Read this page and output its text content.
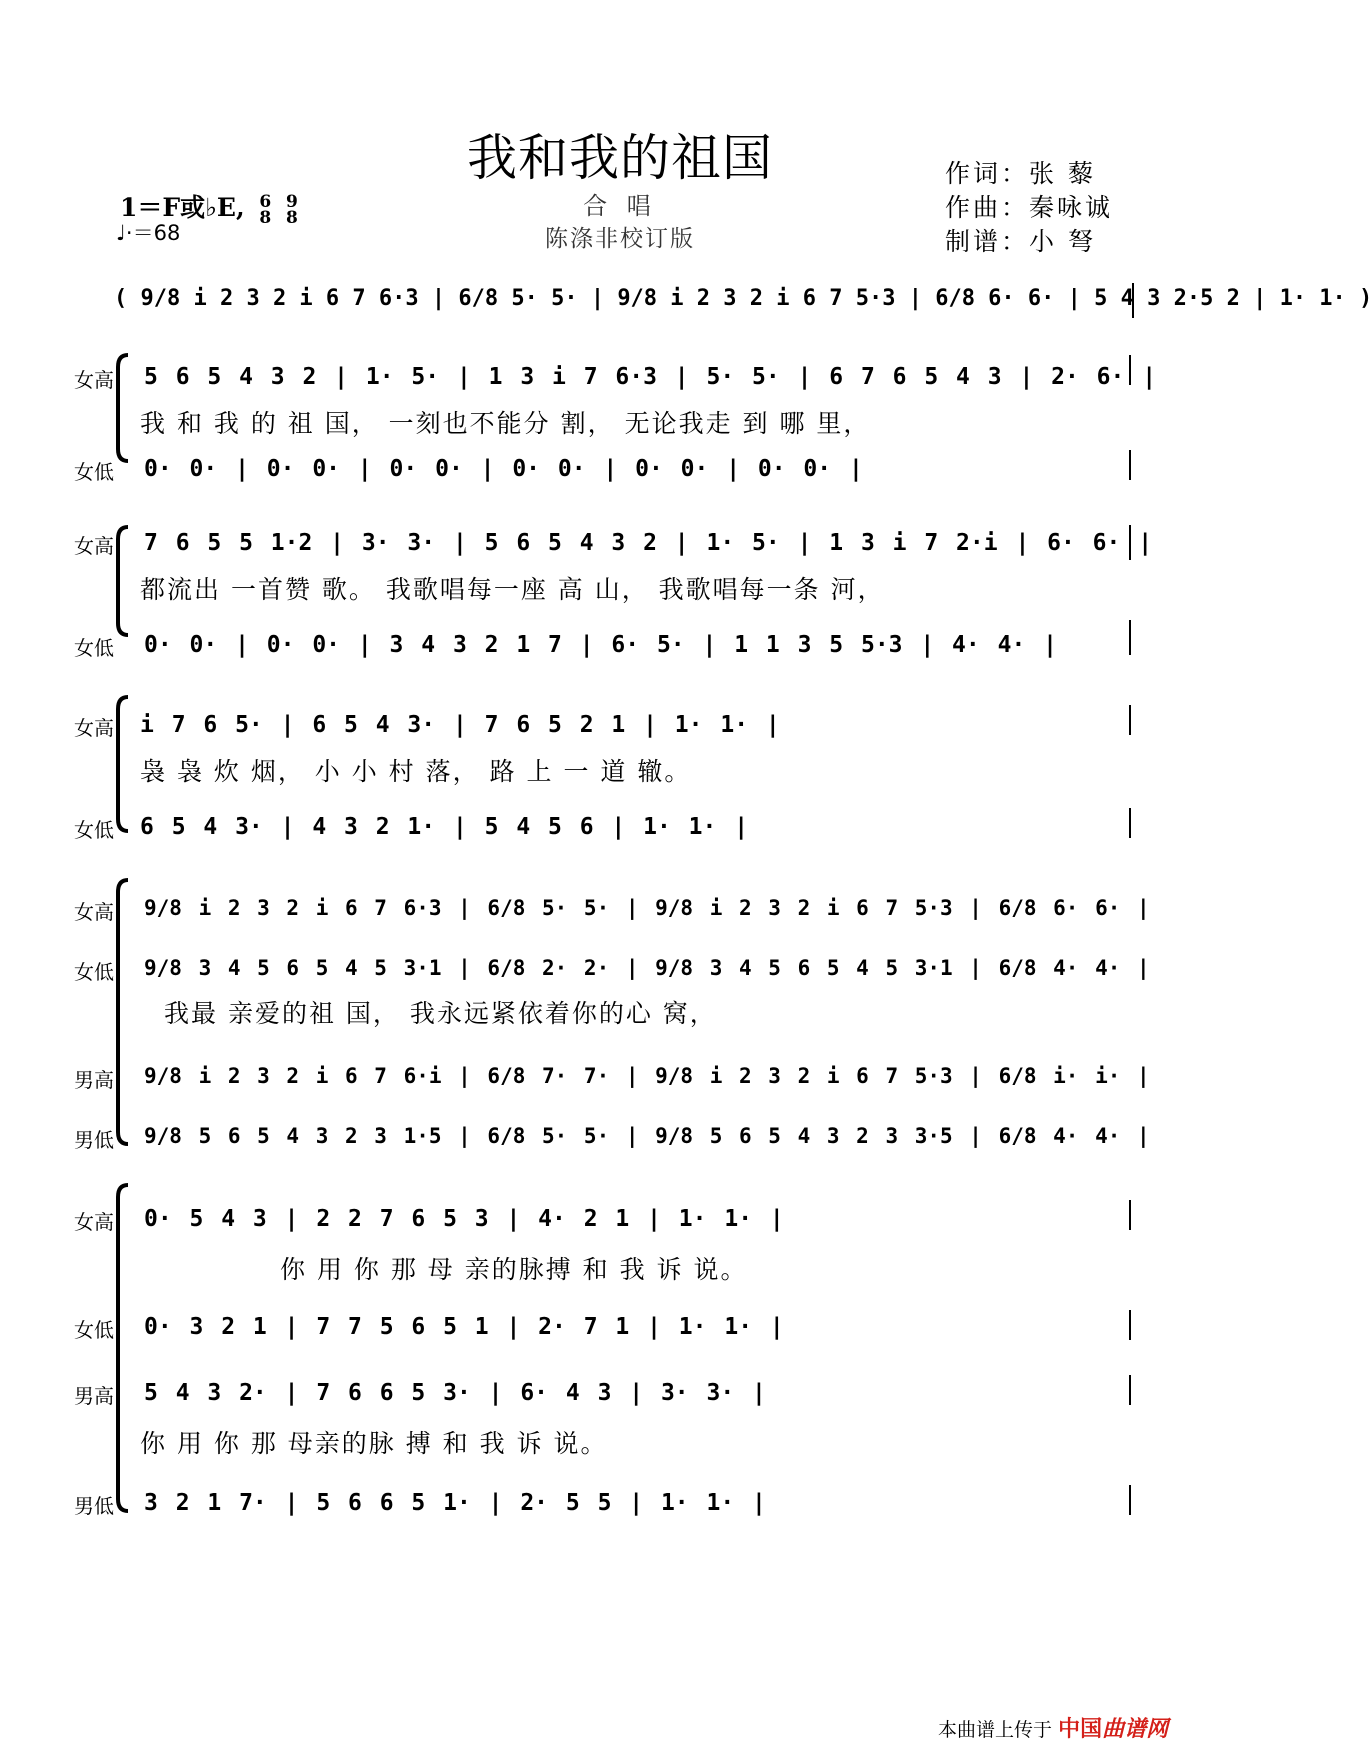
我和我的祖国
合 唱
陈涤非校订版
作词：张 藜
作曲：秦咏诚
制谱：小 弩
1＝F或♭E, 6
8

9
8
♩·＝68
( 9/8 i 2 3 2 i 6 7 6·3 | 6/8 5· 5· | 9/8 i 2 3 2 i 6 7 5·3 | 6/8 6· 6· | 5 4 3 2·5 2 | 1· 1· )
女高 5 6 5 4 3 2 | 1· 5· | 1 3 i 7 6·3 | 5· 5· | 6 7 6 5 4 3 | 2· 6· |
我 和 我 的 祖 国， 一刻也不能分 割， 无论我走 到 哪 里，
女低 0· 0· | 0· 0· | 0· 0· | 0· 0· | 0· 0· | 0· 0· |
女高 7 6 5 5 1·2 | 3· 3· | 5 6 5 4 3 2 | 1· 5· | 1 3 i 7 2·i | 6· 6· |
都流出 一首赞 歌。 我歌唱每一座 高 山， 我歌唱每一条 河，
女低 0· 0· | 0· 0· | 3 4 3 2 1 7 | 6· 5· | 1 1 3 5 5·3 | 4· 4· |
女高 i 7 6 5· | 6 5 4 3· | 7 6 5 2 1 | 1· 1· |
袅 袅 炊 烟， 小 小 村 落， 路 上 一 道 辙。
女低 6 5 4 3· | 4 3 2 1· | 5 4 5 6 | 1· 1· |
女高 9/8 i 2 3 2 i 6 7 6·3 | 6/8 5· 5· | 9/8 i 2 3 2 i 6 7 5·3 | 6/8 6· 6· |
女低 9/8 3 4 5 6 5 4 5 3·1 | 6/8 2· 2· | 9/8 3 4 5 6 5 4 5 3·1 | 6/8 4· 4· |
我最 亲爱的祖 国， 我永远紧依着你的心 窝，
男高 9/8 i 2 3 2 i 6 7 6·i | 6/8 7· 7· | 9/8 i 2 3 2 i 6 7 5·3 | 6/8 i· i· |
男低 9/8 5 6 5 4 3 2 3 1·5 | 6/8 5· 5· | 9/8 5 6 5 4 3 2 3 3·5 | 6/8 4· 4· |
女高 0· 5 4 3 | 2 2 7 6 5 3 | 4· 2 1 | 1· 1· |
你 用 你 那 母 亲的脉搏 和 我 诉 说。
女低 0· 3 2 1 | 7 7 5 6 5 1 | 2· 7 1 | 1· 1· |
男高 5 4 3 2· | 7 6 6 5 3· | 6· 4 3 | 3· 3· |
你 用 你 那 母亲的脉 搏 和 我 诉 说。
男低 3 2 1 7· | 5 6 6 5 1· | 2· 5 5 | 1· 1· |
本曲谱上传于 中国曲谱网
